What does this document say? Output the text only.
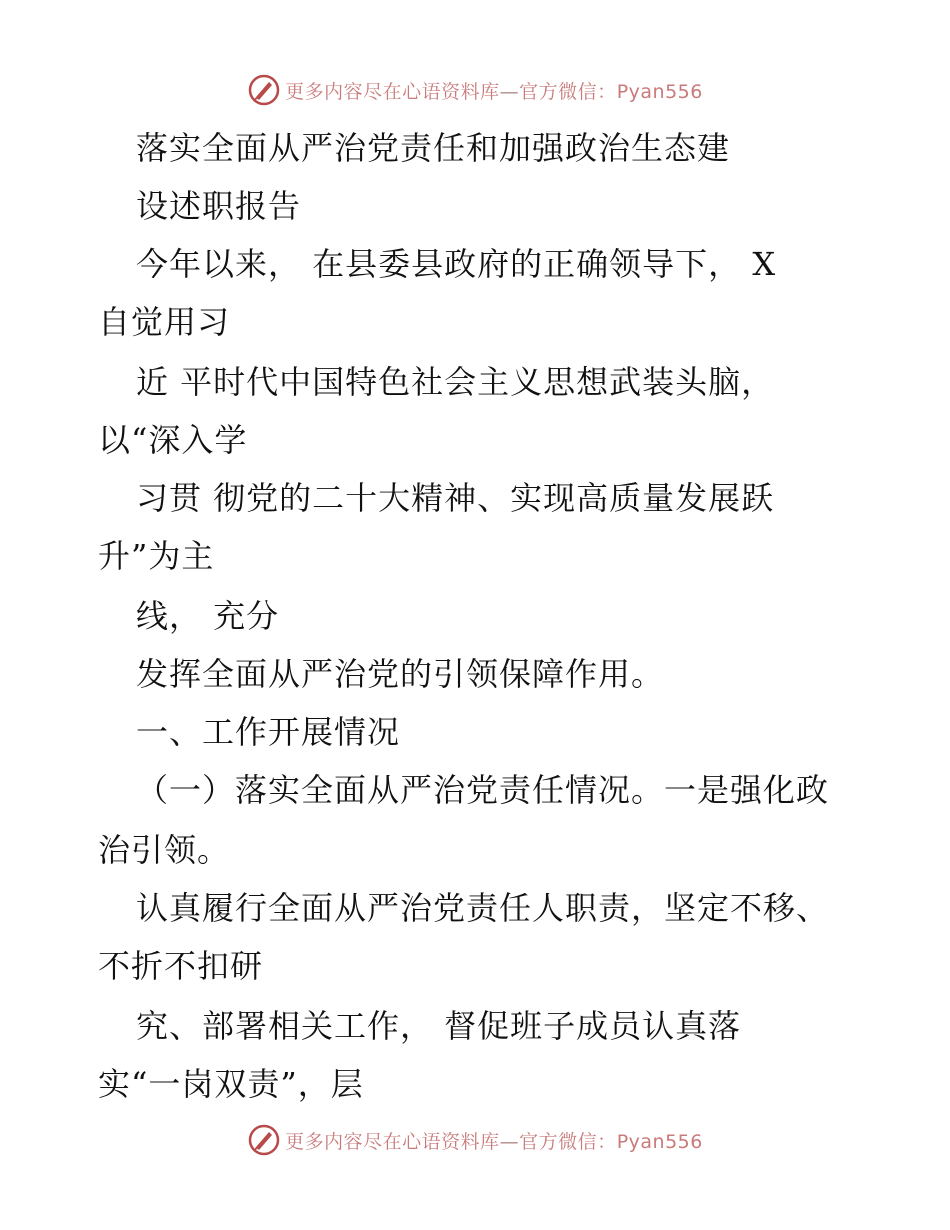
更多内容尽在心语资料库—官方微信：Pyan556
落实全面从严治党责任和加强政治生态建
设述职报告
今年以来， 在县委县政府的正确领导下， X
自觉用习
近 平时代中国特色社会主义思想武装头脑，
以“深入学
习贯 彻党的二十大精神、实现高质量发展跃
升”为主
线， 充分
发挥全面从严治党的引领保障作用。
一、工作开展情况
（一）落实全面从严治党责任情况。一是强化政
治引领。
认真履行全面从严治党责任人职责，坚定不移、
不折不扣研
究、部署相关工作， 督促班子成员认真落
实“一岗双责”，层
更多内容尽在心语资料库—官方微信：Pyan556
